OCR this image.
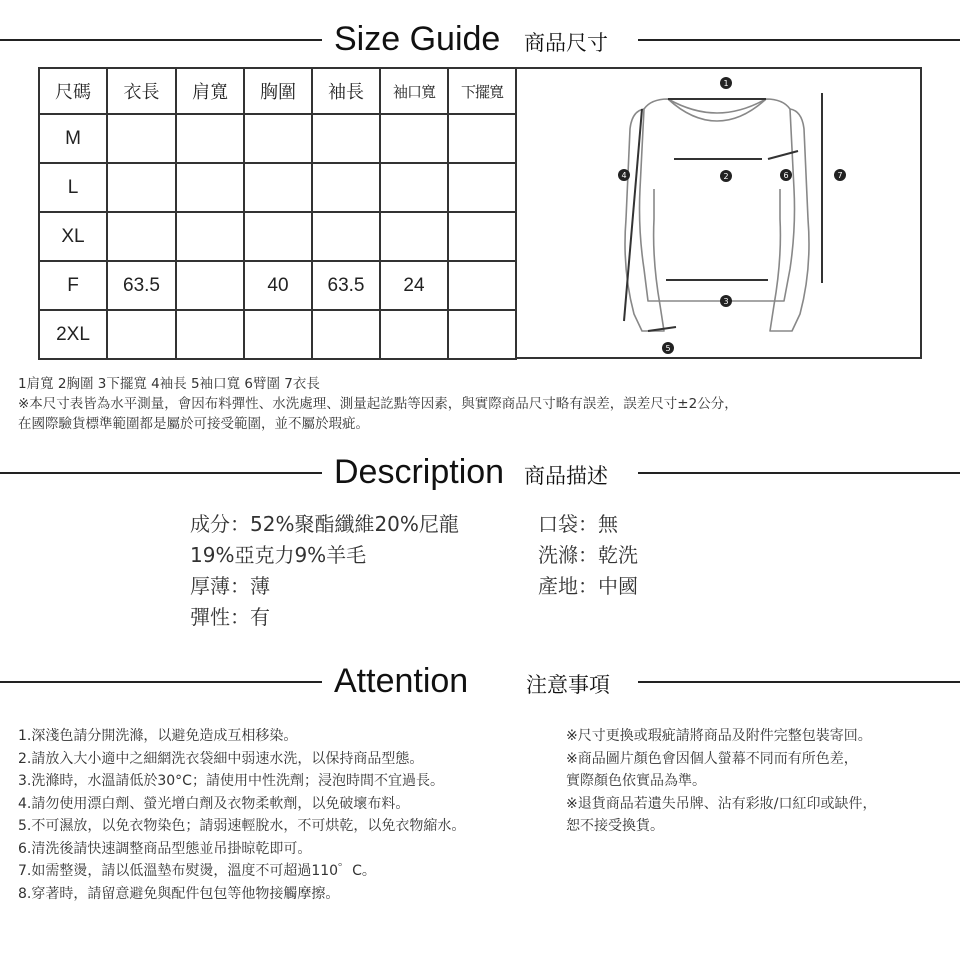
Size Guide 商品尺寸
尺碼	衣長	肩寬	胸圍	袖長	袖口寬	下擺寬
M						
L						
XL						
F	63.5		40	63.5	24	
2XL						
1
2
3
4
5
6	7
1肩寬 2胸圍 3下擺寬 4袖長 5袖口寬 6臂圍 7衣長
※本尺寸表皆為水平測量，會因布料彈性、水洗處理、測量起訖點等因素，與實際商品尺寸略有誤差，誤差尺寸±2公分，
在國際驗貨標準範圍都是屬於可接受範圍，並不屬於瑕疵。
Description 商品描述
成分：52%聚酯纖維20%尼龍
19%亞克力9%羊毛
厚薄：薄
彈性：有
口袋：無
洗滌：乾洗
產地：中國
Attention	注意事項
1.深淺色請分開洗滌，以避免造成互相移染。
2.請放入大小適中之細網洗衣袋細中弱速水洗，以保持商品型態。
3.洗滌時，水溫請低於30°C；請使用中性洗劑；浸泡時間不宜過長。
4.請勿使用漂白劑、螢光增白劑及衣物柔軟劑，以免破壞布料。
5.不可濕放，以免衣物染色；請弱速輕脫水，不可烘乾，以免衣物縮水。
6.清洗後請快速調整商品型態並吊掛晾乾即可。
7.如需整燙，請以低溫墊布熨燙，溫度不可超過110゜C。
8.穿著時，請留意避免與配件包包等他物接觸摩擦。
※尺寸更換或瑕疵請將商品及附件完整包裝寄回。
※商品圖片顏色會因個人螢幕不同而有所色差，
實際顏色依實品為準。
※退貨商品若遺失吊牌、沾有彩妝/口紅印或缺件，
恕不接受換貨。
